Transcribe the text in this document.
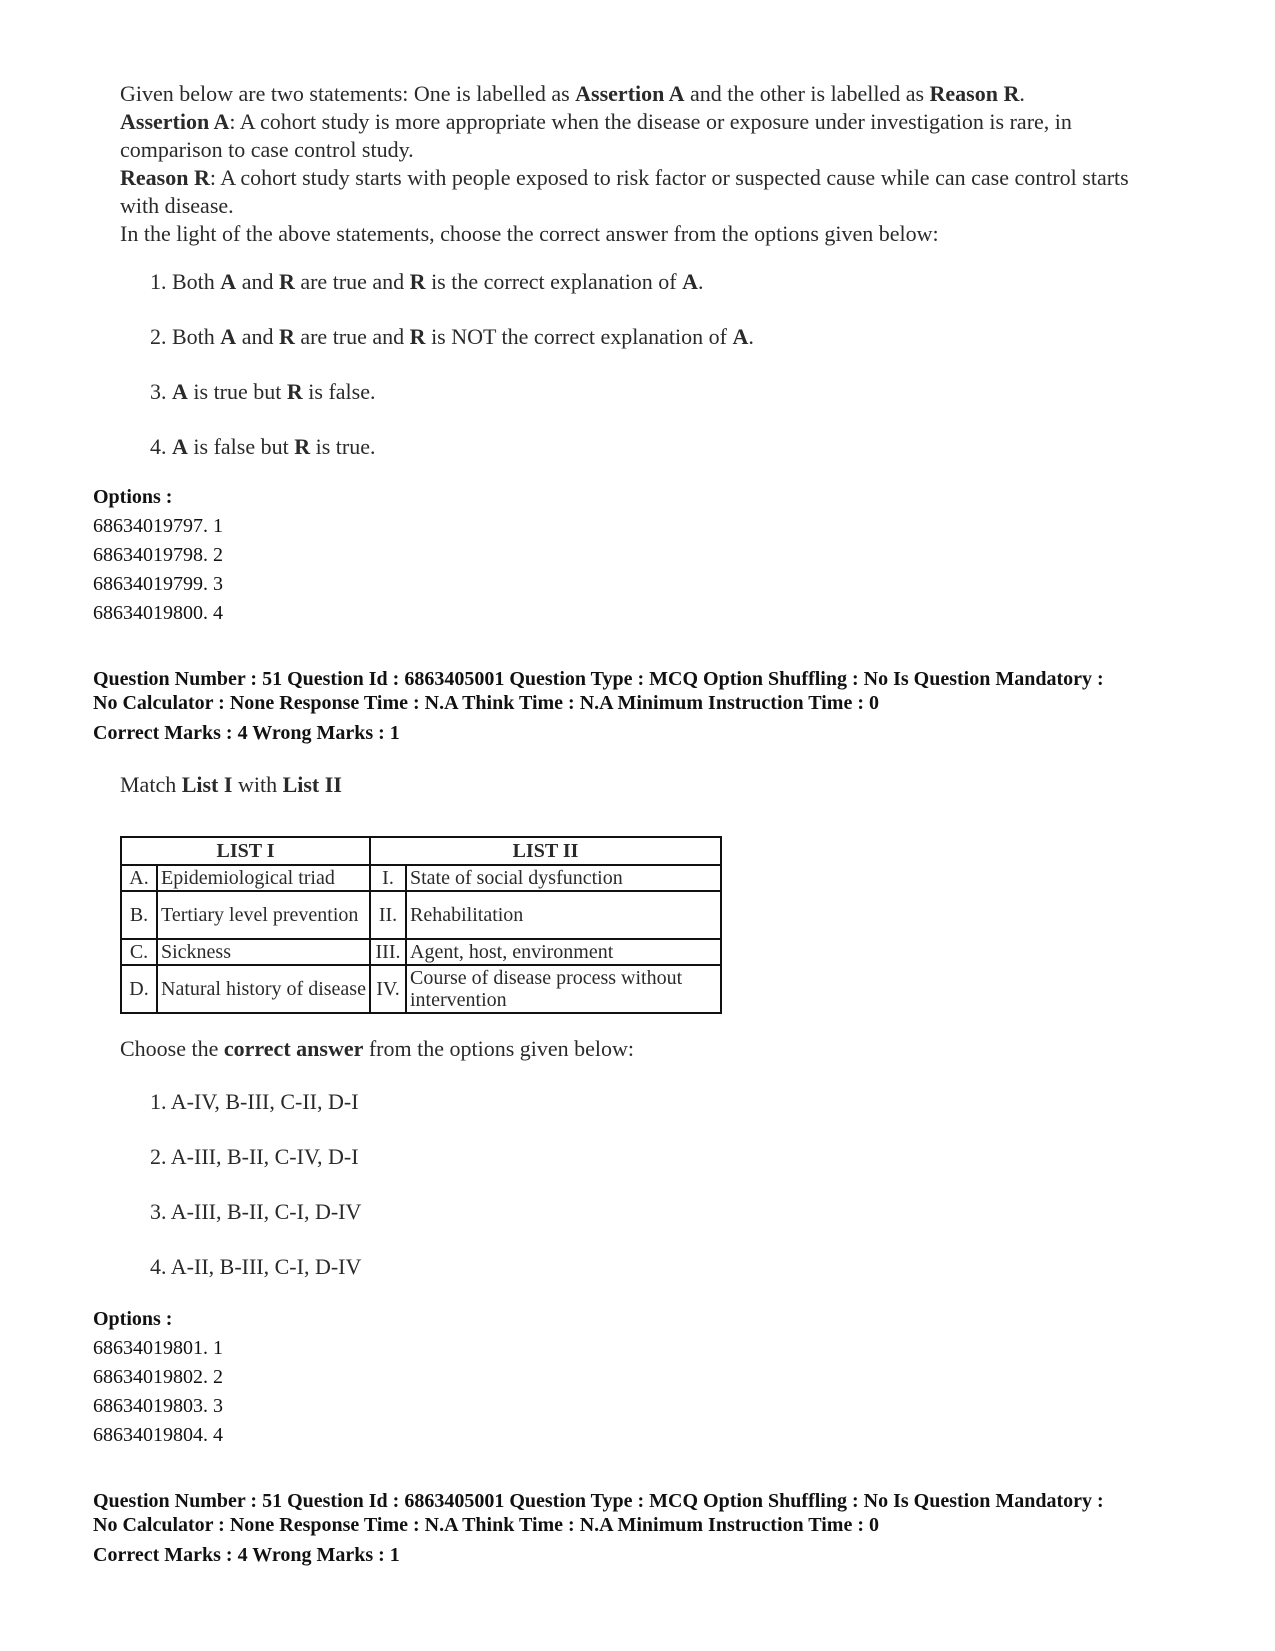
Given below are two statements: One is labelled as Assertion A and the other is labelled as Reason R.

Assertion A: A cohort study is more appropriate when the disease or exposure under investigation is rare, in comparison to case control study.

Reason R: A cohort study starts with people exposed to risk factor or suspected cause while can case control starts with disease.

In the light of the above statements, choose the correct answer from the options given below:

1. Both A and R are true and R is the correct explanation of A.
2. Both A and R are true and R is NOT the correct explanation of A.
3. A is true but R is false.
4. A is false but R is true.
Options :
68634019797. 1
68634019798. 2
68634019799. 3
68634019800. 4

Question Number : 51 Question Id : 6863405001 Question Type : MCQ Option Shuffling : No Is Question Mandatory :

No Calculator : None Response Time : N.A Think Time : N.A Minimum Instruction Time : 0

Correct Marks : 4 Wrong Marks : 1

Match List I with List II
LIST I		LIST II	
A.	Epidemiological triad	I.	State of social dysfunction
B.	Tertiary level prevention	II.	Rehabilitation
C.	Sickness	III.	Agent, host, environment
D.	Natural history of disease	IV.	Course of disease process without intervention
Choose the correct answer from the options given below:
1. A-IV, B-III, C-II, D-I
2. A-III, B-II, C-IV, D-I
3. A-III, B-II, C-I, D-IV
4. A-II, B-III, C-I, D-IV
Options :
68634019801. 1
68634019802. 2
68634019803. 3
68634019804. 4

Question Number : 51 Question Id : 6863405001 Question Type : MCQ Option Shuffling : No Is Question Mandatory :

No Calculator : None Response Time : N.A Think Time : N.A Minimum Instruction Time : 0

Correct Marks : 4 Wrong Marks : 1
